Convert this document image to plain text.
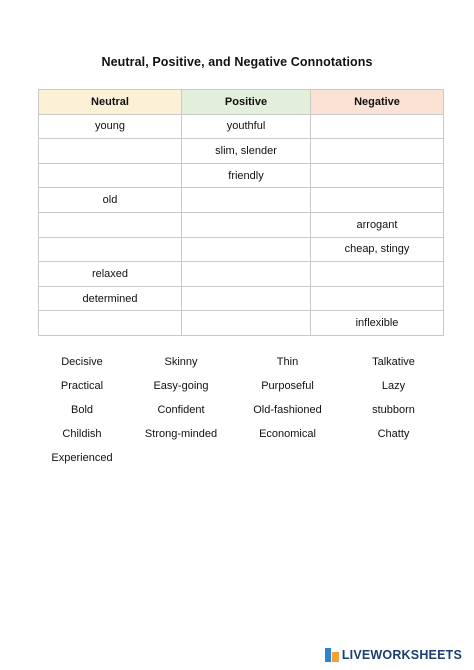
Neutral, Positive, and Negative Connotations
Neutral	Positive	Negative
young	youthful	
	slim, slender	
	friendly	
old		
		arrogant
		cheap, stingy
relaxed		
determined		
		inflexible
Decisive	Skinny	Thin	Talkative
Practical	Easy-going	Purposeful	Lazy
Bold	Confident	Old-fashioned	stubborn
Childish	Strong-minded	Economical	Chatty
Experienced
LIVEWORKSHEETS
